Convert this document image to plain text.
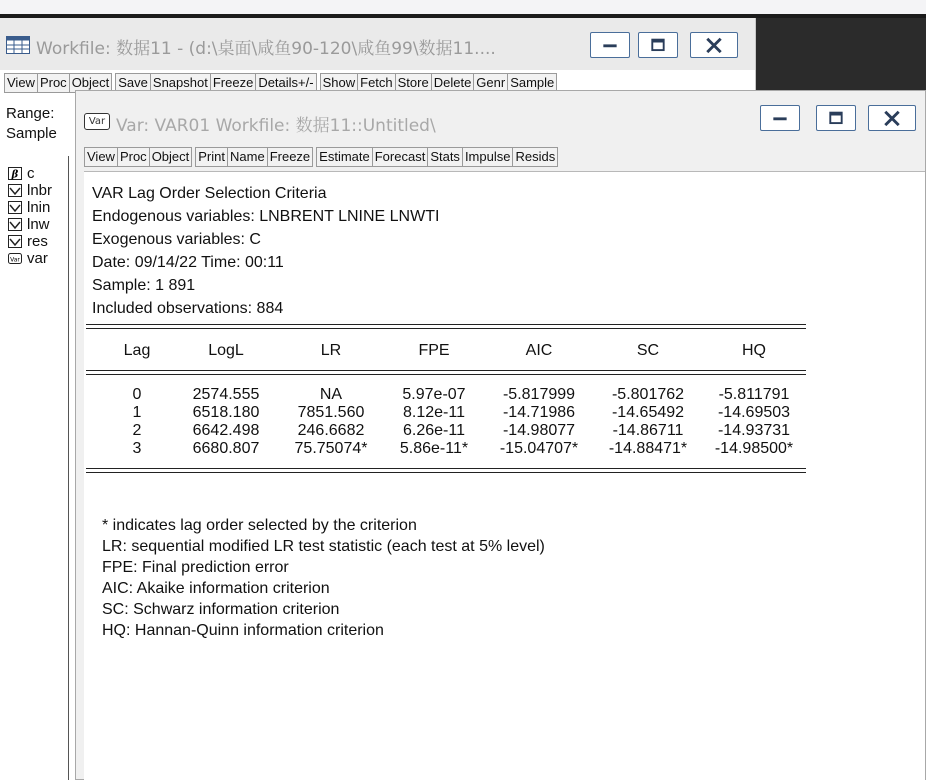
Workfile: 数据11 - (d:\桌面\咸鱼90-120\咸鱼99\数据11....
View Proc Object Save Snapshot Freeze Details+/- Show Fetch Store Delete Genr Sample
Range:
Sample
β c
lnbr
lnin
lnw
res
Var var
Var Var: VAR01 Workfile: 数据11::Untitled\
View Proc Object Print Name Freeze Estimate Forecast Stats Impulse Resids
VAR Lag Order Selection Criteria
Endogenous variables: LNBRENT LNINE LNWTI
Exogenous variables: C
Date: 09/14/22 Time: 00:11
Sample: 1 891
Included observations: 884
Lag	LogL	LR	FPE	AIC	SC	HQ
0	2574.555	NA	5.97e-07	-5.817999	-5.801762	-5.811791
1	6518.180	7851.560	8.12e-11	-14.71986	-14.65492	-14.69503
2	6642.498	246.6682	6.26e-11	-14.98077	-14.86711	-14.93731
3	6680.807	75.75074*	5.86e-11*	-15.04707*	-14.88471*	-14.98500*
* indicates lag order selected by the criterion
LR: sequential modified LR test statistic (each test at 5% level)
FPE: Final prediction error
AIC: Akaike information criterion
SC: Schwarz information criterion
HQ: Hannan-Quinn information criterion
